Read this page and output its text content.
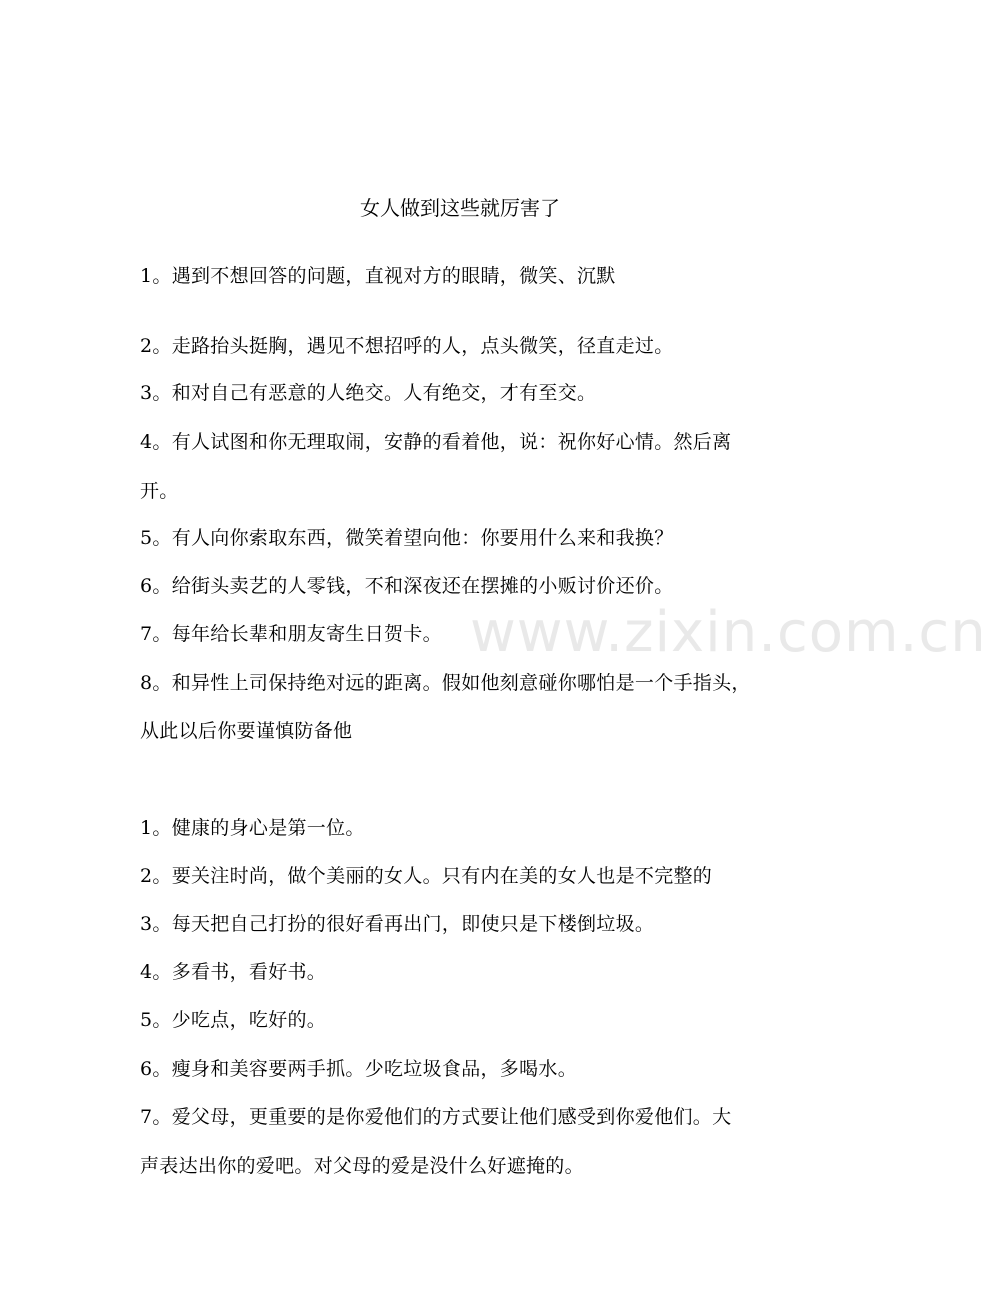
www.zixin.com.cn
女人做到这些就厉害了
1。遇到不想回答的问题，直视对方的眼睛，微笑、沉默
2。走路抬头挺胸，遇见不想招呼的人，点头微笑，径直走过。
3。和对自己有恶意的人绝交。人有绝交，才有至交。
4。有人试图和你无理取闹，安静的看着他，说：祝你好心情。然后离
开。
5。有人向你索取东西，微笑着望向他：你要用什么来和我换？
6。给街头卖艺的人零钱，不和深夜还在摆摊的小贩讨价还价。
7。每年给长辈和朋友寄生日贺卡。
8。和异性上司保持绝对远的距离。假如他刻意碰你哪怕是一个手指头，
从此以后你要谨慎防备他
1。健康的身心是第一位。
2。要关注时尚，做个美丽的女人。只有内在美的女人也是不完整的
3。每天把自己打扮的很好看再出门，即使只是下楼倒垃圾。
4。多看书，看好书。
5。少吃点，吃好的。
6。瘦身和美容要两手抓。少吃垃圾食品，多喝水。
7。爱父母，更重要的是你爱他们的方式要让他们感受到你爱他们。大
声表达出你的爱吧。对父母的爱是没什么好遮掩的。
